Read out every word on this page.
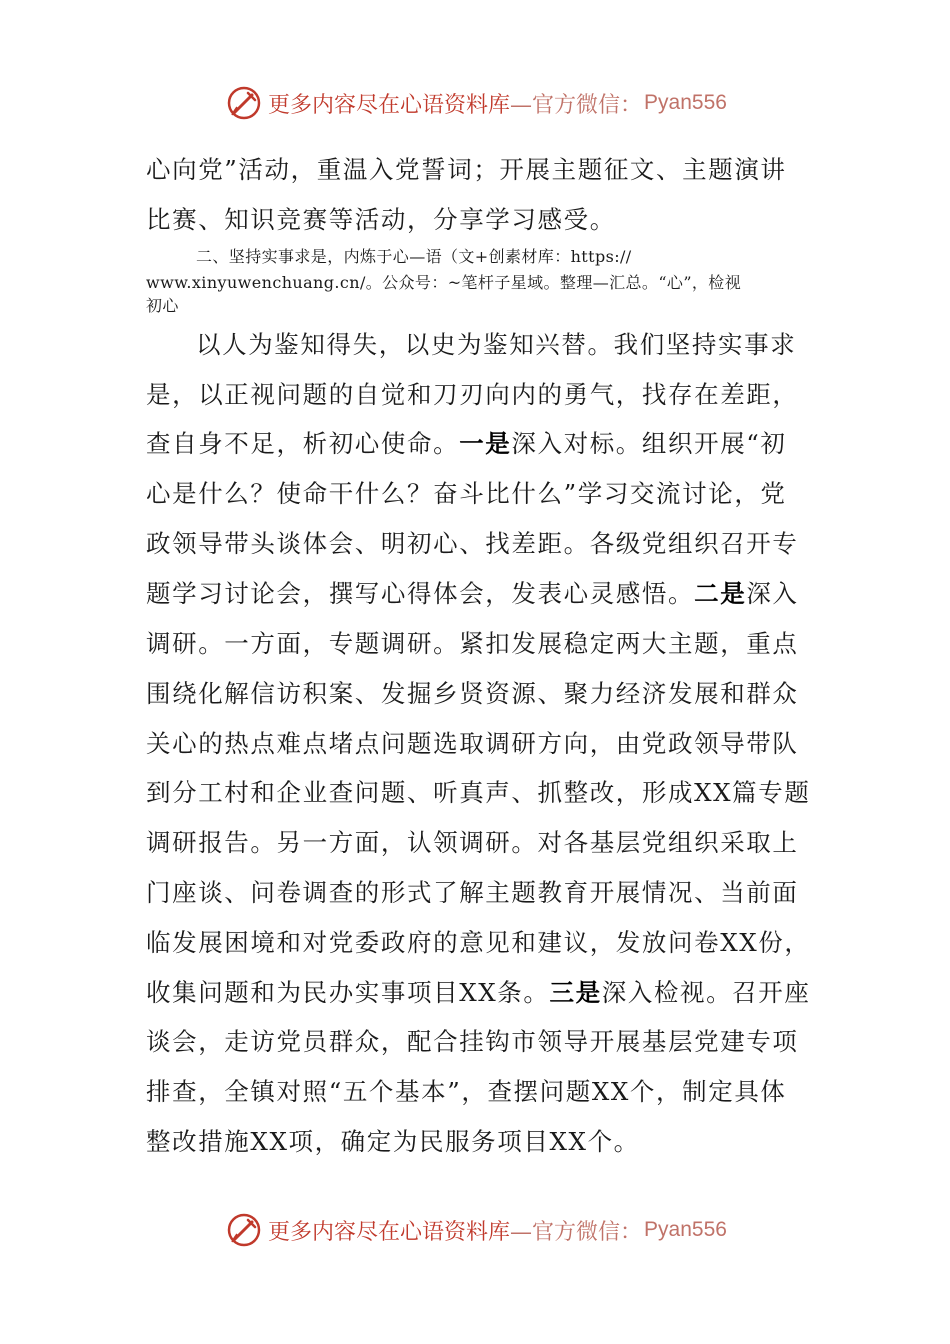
更多内容尽在心语资料库 —官方微信： Pyan556
心向党”活动，重温入党誓词；开展主题征文、主题演讲
比赛、知识竞赛等活动，分享学习感受。
二、坚持实事求是，内炼于心—语（文+创素材库：https://
www.xinyuwenchuang.cn/。公众号：~笔杆子星域。整理—汇总。“心”，检视
初心
以人为鉴知得失，以史为鉴知兴替。我们坚持实事求
是，以正视问题的自觉和刀刃向内的勇气，找存在差距，
查自身不足，析初心使命。一是深入对标。组织开展“初
心是什么？使命干什么？奋斗比什么”学习交流讨论，党
政领导带头谈体会、明初心、找差距。各级党组织召开专
题学习讨论会，撰写心得体会，发表心灵感悟。二是深入
调研。一方面，专题调研。紧扣发展稳定两大主题，重点
围绕化解信访积案、发掘乡贤资源、聚力经济发展和群众
关心的热点难点堵点问题选取调研方向，由党政领导带队
到分工村和企业查问题、听真声、抓整改，形成XX篇专题
调研报告。另一方面，认领调研。对各基层党组织采取上
门座谈、问卷调查的形式了解主题教育开展情况、当前面
临发展困境和对党委政府的意见和建议，发放问卷XX份，
收集问题和为民办实事项目XX条。三是深入检视。召开座
谈会，走访党员群众，配合挂钩市领导开展基层党建专项
排查，全镇对照“五个基本”，查摆问题XX个，制定具体
整改措施XX项，确定为民服务项目XX个。
更多内容尽在心语资料库 —官方微信： Pyan556
